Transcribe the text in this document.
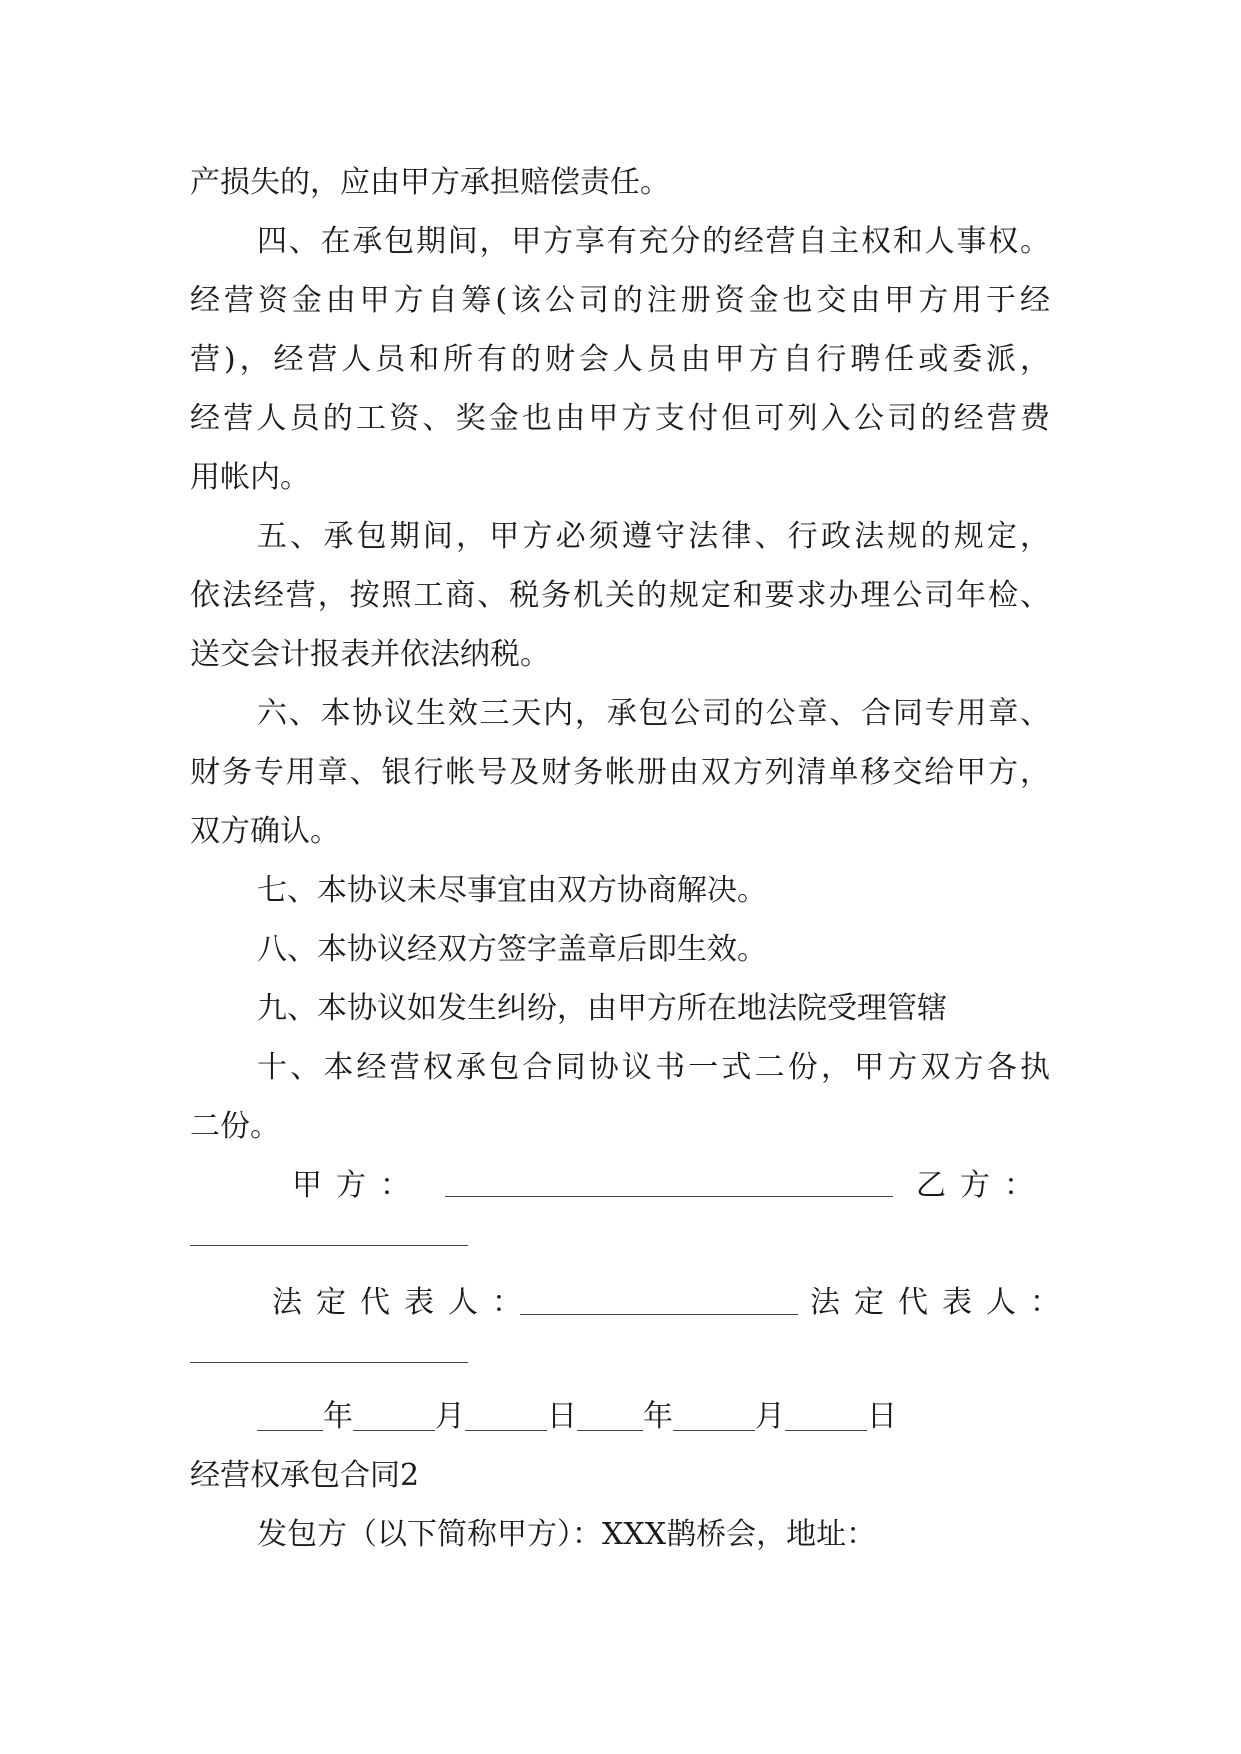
产损失的，应由甲方承担赔偿责任。
四、在承包期间，甲方享有充分的经营自主权和人事权。
经营资金由甲方自筹(该公司的注册资金也交由甲方用于经
营)，经营人员和所有的财会人员由甲方自行聘任或委派，
经营人员的工资、奖金也由甲方支付但可列入公司的经营费
用帐内。
五、承包期间，甲方必须遵守法律、行政法规的规定，
依法经营，按照工商、税务机关的规定和要求办理公司年检、
送交会计报表并依法纳税。
六、本协议生效三天内，承包公司的公章、合同专用章、
财务专用章、银行帐号及财务帐册由双方列清单移交给甲方，
双方确认。
七、本协议未尽事宜由双方协商解决。
八、本协议经双方签字盖章后即生效。
九、本协议如发生纠纷，由甲方所在地法院受理管辖
十、本经营权承包合同协议书一式二份，甲方双方各执
二份。
甲方：	乙方：
法定代表人：	法定代表人：
年	月	日 年	月	日
经营权承包合同2
发包方（以下简称甲方）：XXX鹊桥会，地址：
